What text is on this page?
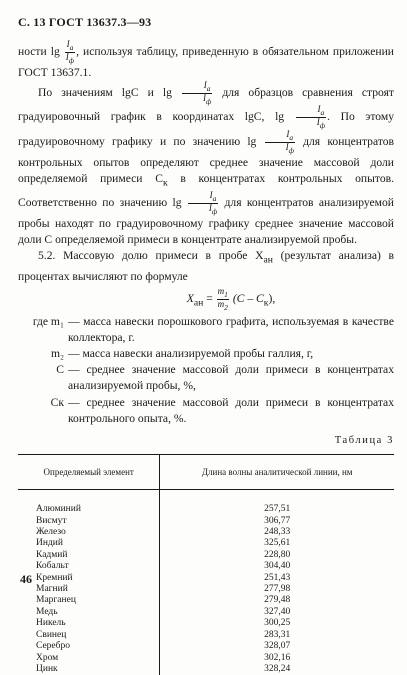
С. 13 ГОСТ 13637.3—93

ности $\lg \frac{I_a}{I_ф}$ , используя таблицу, приведенную в обязательном приложении ГОСТ 13637.1.

По значениям lgC и $\lg \frac{I_a}{I_ф}$ для образцов сравнения строят градуировочный график в координатах lgC, $\lg \frac{I_a}{I_ф}$ . По этому градуировочному графику и по значению $\lg \frac{I_a}{I_ф}$ для концентратов контрольных опытов определяют среднее значение массовой доли определяемой примеси $C_к$ в концентратах контрольных опытов. Соответственно по значению $\lg \frac{I_a}{I_ф}$ для концентратов анализируемой пробы находят по градуировочному графику среднее значение массовой доли C определяемой примеси в концентрате анализируемой пробы.

5.2. Массовую долю примеси в пробе $X_{ан}$ (результат анализа) в процентах вычисляют по формуле

$X_{ан} = \frac{m_1}{m_2} (C - C_к)$,
где m₁ — масса навески порошкового графита, используемая в качестве коллектора, г.
m₂ — масса навески анализируемой пробы галлия, г,
C — среднее значение массовой доли примеси в концентратах анализируемой пробы, %,
Cк — среднее значение массовой доли примеси в концентратах контрольного опыта, %.
Таблица 3
Определяемый элемент	Длина волны аналитической линии, нм
Алюминий	257,51
Висмут	306,77
Железо	248,33
Индий	325,61
Кадмий	228,80
Кобальт	304,40
Кремний	251,43
Магний	277,98
Марганец	279,48
Медь	327,40
Никель	300,25
Свинец	283,31
Серебро	328,07
Хром	302,16
Цинк	328,24
46
